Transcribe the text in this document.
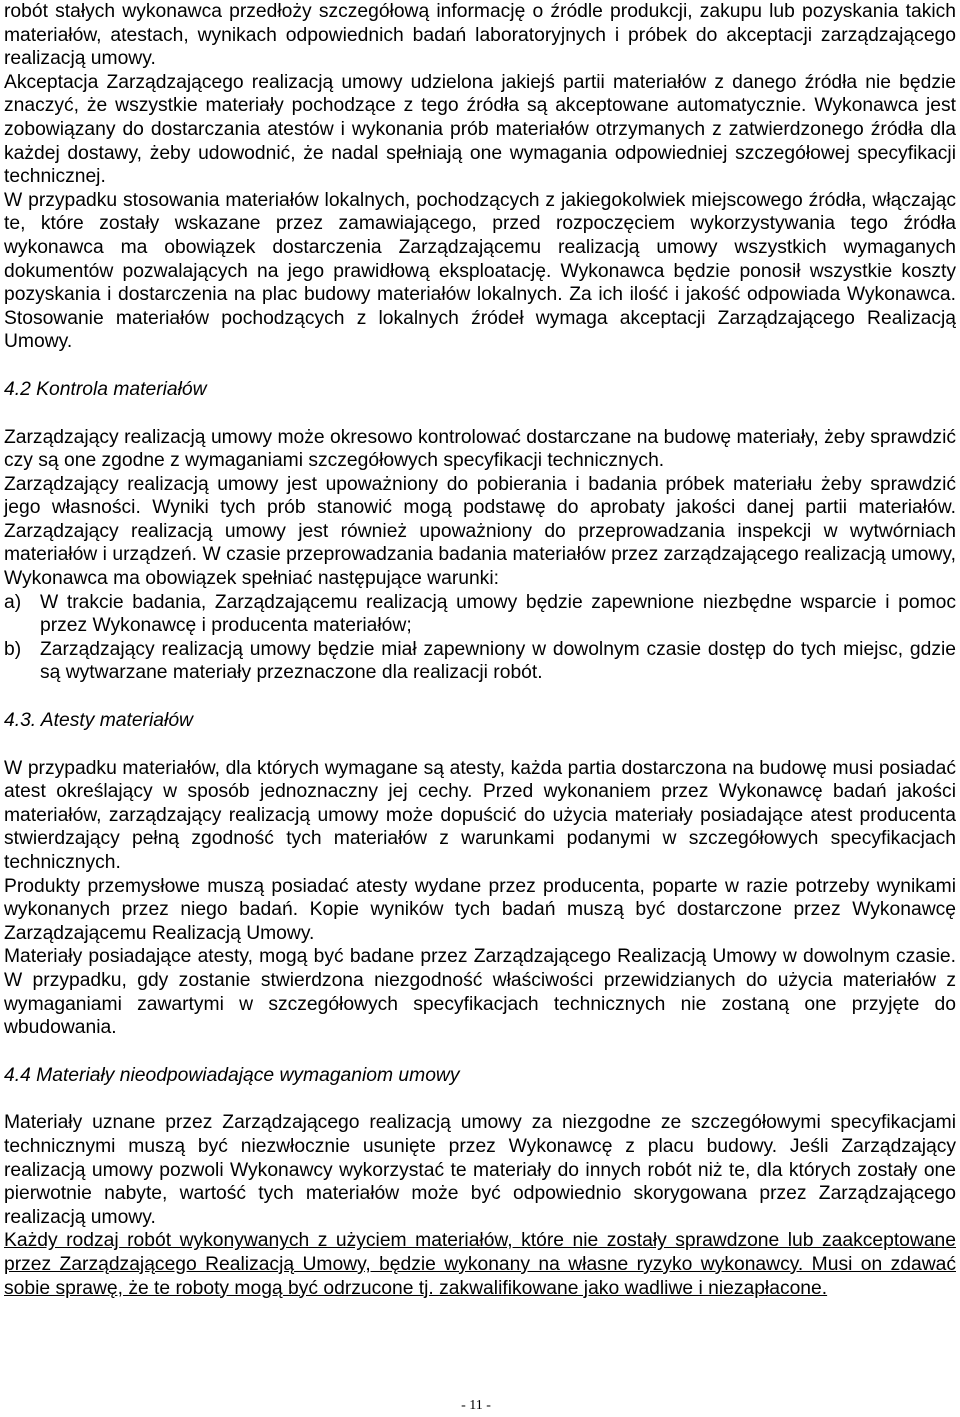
robót stałych wykonawca przedłoży szczegółową informację o źródle produkcji, zakupu lub pozyskania takich materiałów, atestach, wynikach odpowiednich badań laboratoryjnych i próbek do akceptacji zarządzającego realizacją umowy.

Akceptacja Zarządzającego realizacją umowy udzielona jakiejś partii materiałów z danego źródła nie będzie znaczyć, że wszystkie materiały pochodzące z tego źródła są akceptowane automatycznie. Wykonawca jest zobowiązany do dostarczania atestów i wykonania prób materiałów otrzymanych z zatwierdzonego źródła dla każdej dostawy, żeby udowodnić, że nadal spełniają one wymagania odpowiedniej szczegółowej specyfikacji technicznej.

W przypadku stosowania materiałów lokalnych, pochodzących z jakiegokolwiek miejscowego źródła, włączając te, które zostały wskazane przez zamawiającego, przed rozpoczęciem wykorzystywania tego źródła wykonawca ma obowiązek dostarczenia Zarządzającemu realizacją umowy wszystkich wymaganych dokumentów pozwalających na jego prawidłową eksploatację. Wykonawca będzie ponosił wszystkie koszty pozyskania i dostarczenia na plac budowy materiałów lokalnych. Za ich ilość i jakość odpowiada Wykonawca. Stosowanie materiałów pochodzących z lokalnych źródeł wymaga akceptacji Zarządzającego Realizacją Umowy.

4.2 Kontrola materiałów

Zarządzający realizacją umowy może okresowo kontrolować dostarczane na budowę materiały, żeby sprawdzić czy są one zgodne z wymaganiami szczegółowych specyfikacji technicznych.

Zarządzający realizacją umowy jest upoważniony do pobierania i badania próbek materiału żeby sprawdzić jego własności. Wyniki tych prób stanowić mogą podstawę do aprobaty jakości danej partii materiałów. Zarządzający realizacją umowy jest również upoważniony do przeprowadzania inspekcji w wytwórniach materiałów i urządzeń. W czasie przeprowadzania badania materiałów przez zarządzającego realizacją umowy, Wykonawca ma obowiązek spełniać następujące warunki:

a) W trakcie badania, Zarządzającemu realizacją umowy będzie zapewnione niezbędne wsparcie i pomoc przez Wykonawcę i producenta materiałów;

b) Zarządzający realizacją umowy będzie miał zapewniony w dowolnym czasie dostęp do tych miejsc, gdzie są wytwarzane materiały przeznaczone dla realizacji robót.

4.3. Atesty materiałów

W przypadku materiałów, dla których wymagane są atesty, każda partia dostarczona na budowę musi posiadać atest określający w sposób jednoznaczny jej cechy. Przed wykonaniem przez Wykonawcę badań jakości materiałów, zarządzający realizacją umowy może dopuścić do użycia materiały posiadające atest producenta stwierdzający pełną zgodność tych materiałów z warunkami podanymi w szczegółowych specyfikacjach technicznych.

Produkty przemysłowe muszą posiadać atesty wydane przez producenta, poparte w razie potrzeby wynikami wykonanych przez niego badań. Kopie wyników tych badań muszą być dostarczone przez Wykonawcę Zarządzającemu Realizacją Umowy.

Materiały posiadające atesty, mogą być badane przez Zarządzającego Realizacją Umowy w dowolnym czasie. W przypadku, gdy zostanie stwierdzona niezgodność właściwości przewidzianych do użycia materiałów z wymaganiami zawartymi w szczegółowych specyfikacjach technicznych nie zostaną one przyjęte do wbudowania.

4.4 Materiały nieodpowiadające wymaganiom umowy

Materiały uznane przez Zarządzającego realizacją umowy za niezgodne ze szczegółowymi specyfikacjami technicznymi muszą być niezwłocznie usunięte przez Wykonawcę z placu budowy. Jeśli Zarządzający realizacją umowy pozwoli Wykonawcy wykorzystać te materiały do innych robót niż te, dla których zostały one pierwotnie nabyte, wartość tych materiałów może być odpowiednio skorygowana przez Zarządzającego realizacją umowy.

Każdy rodzaj robót wykonywanych z użyciem materiałów, które nie zostały sprawdzone lub zaakceptowane przez Zarządzającego Realizacją Umowy, będzie wykonany na własne ryzyko wykonawcy. Musi on zdawać sobie sprawę, że te roboty mogą być odrzucone tj. zakwalifikowane jako wadliwe i niezapłacone.

- 11 -
